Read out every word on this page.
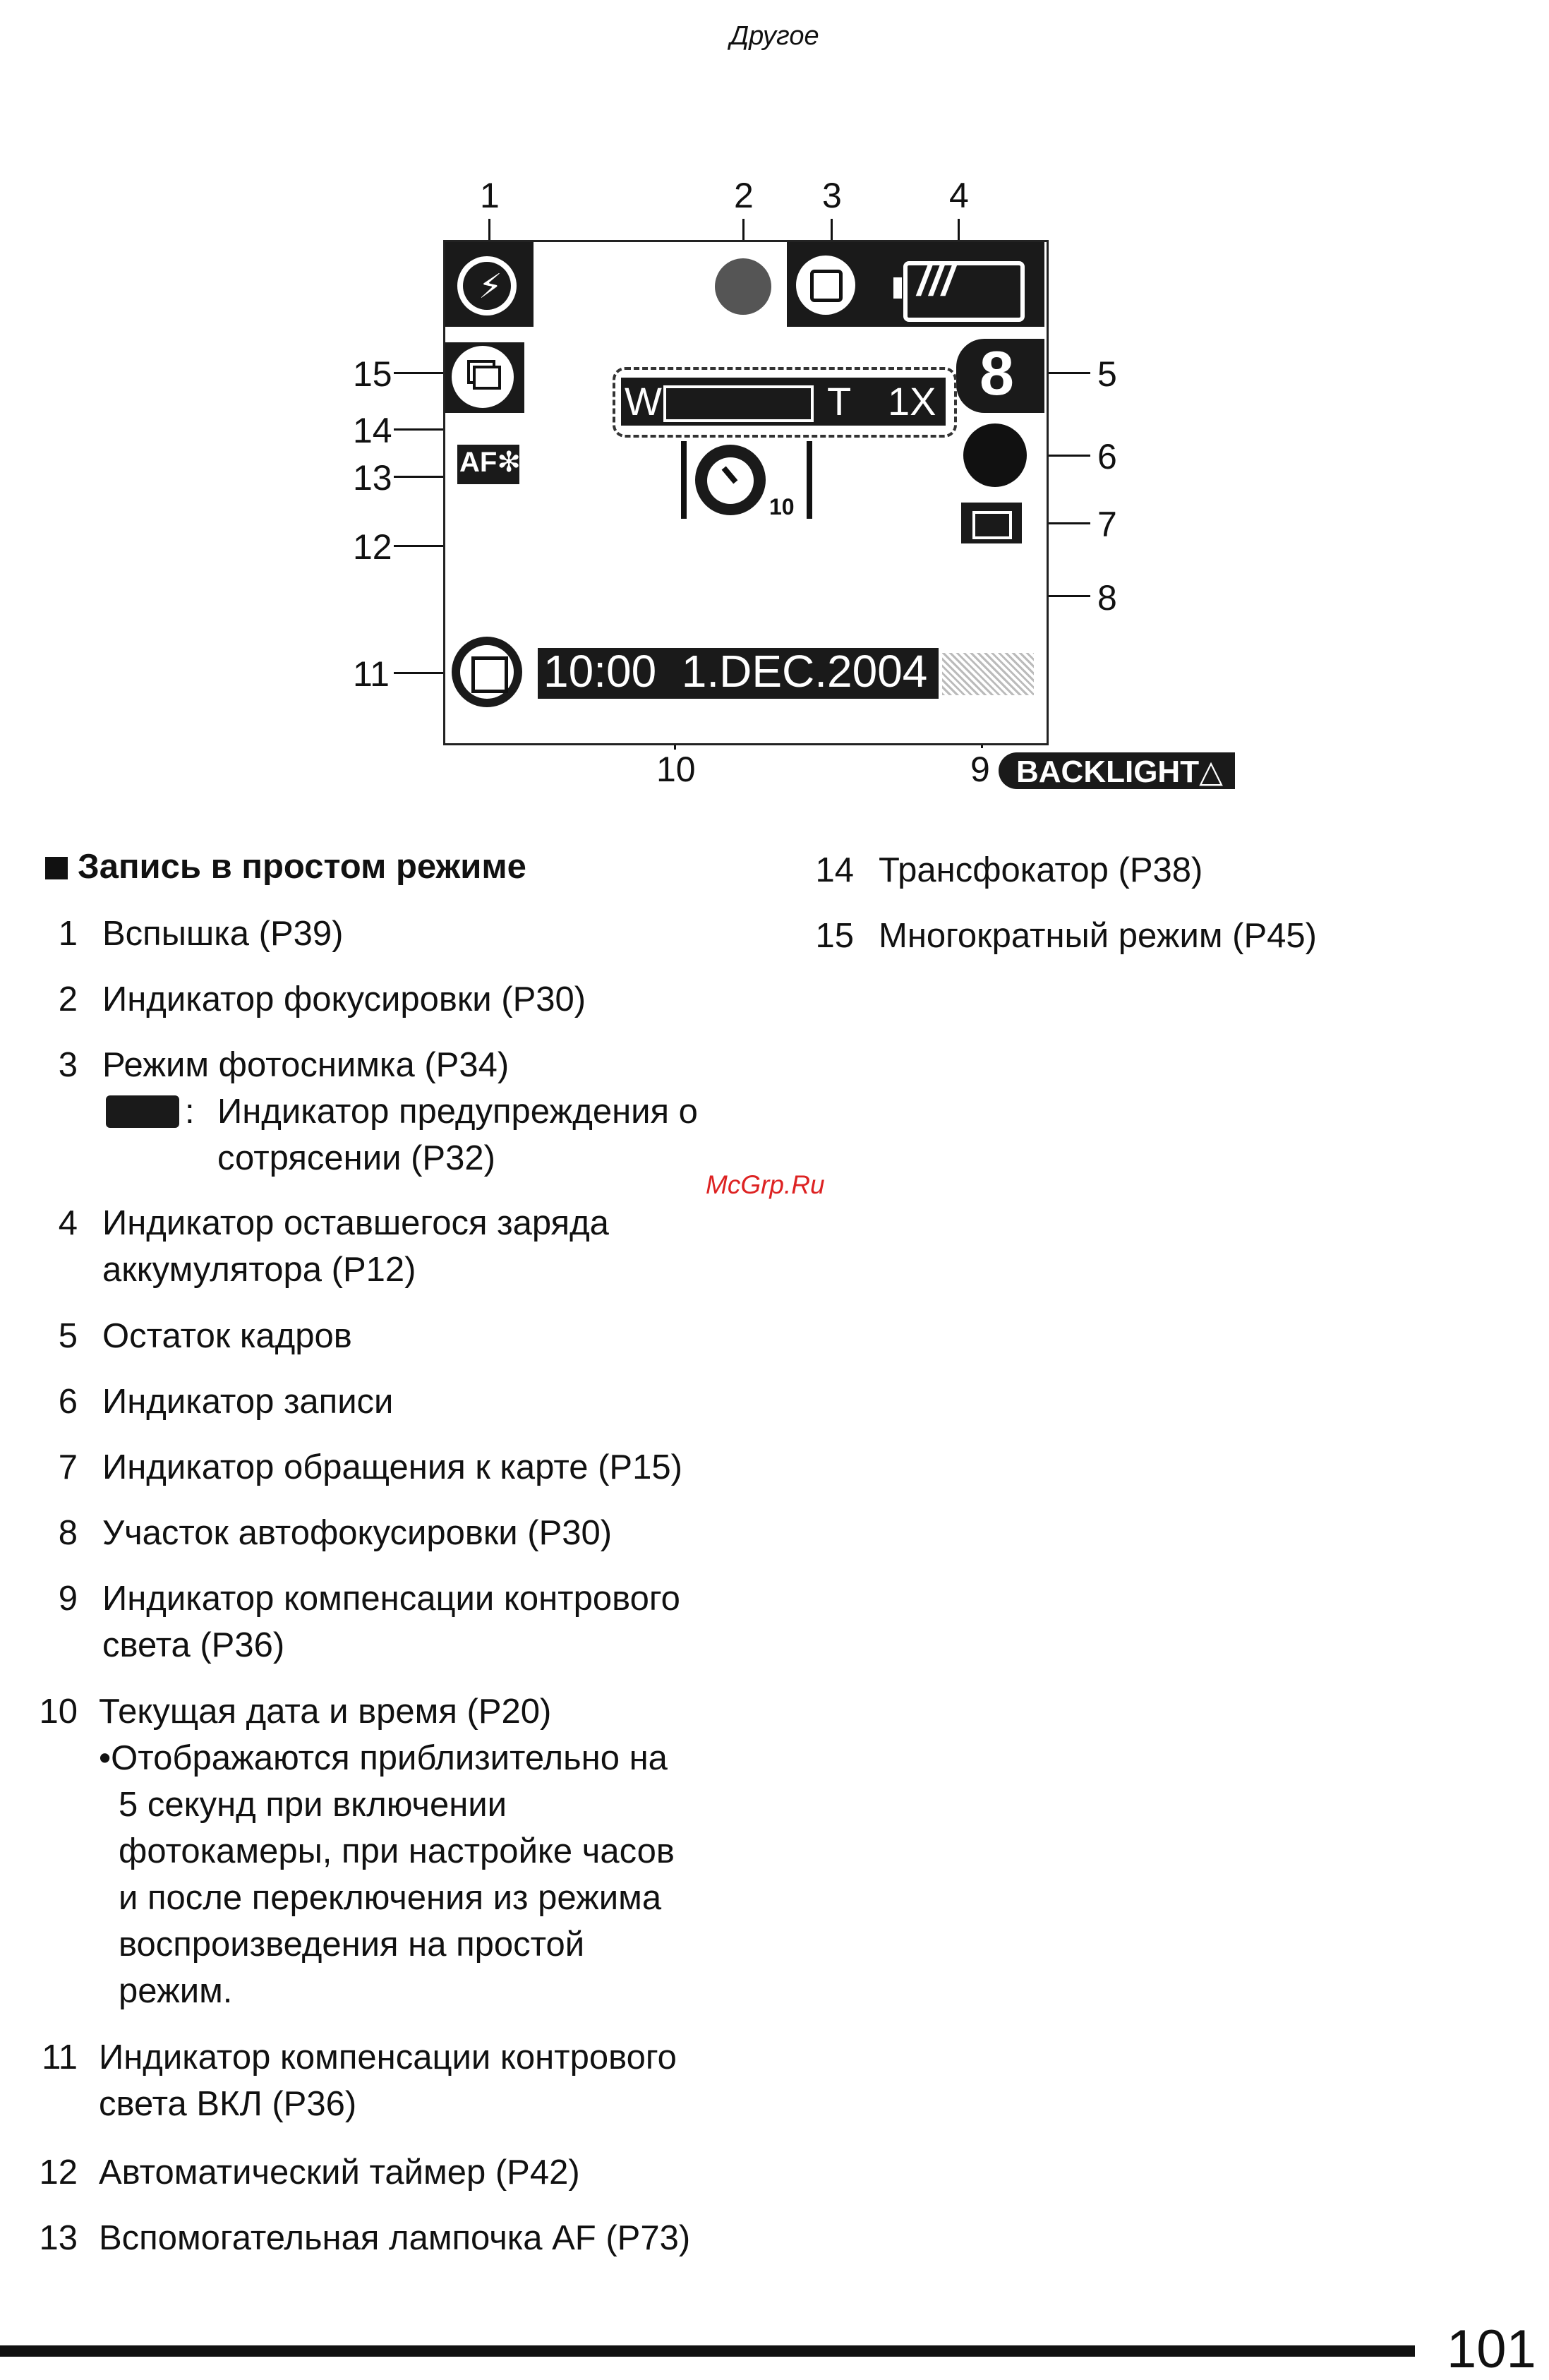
Другое
1	2 3	4
5
6
7
8
15
14
13
12
11
10	9
⚡	///
8
W	T 1X
AF✻
10
10:00  1.DEC.2004
BACKLIGHT△
Запись в простом режиме
1 Вспышка (P39)
2 Индикатор фокусировки (P30)
3 Режим фотоснимка (P34)
: Индикатор предупреждения о
сотрясении (P32)
4 Индикатор оставшегося заряда
аккумулятора (P12)
5 Остаток кадров
6 Индикатор записи
7 Индикатор обращения к карте (P15)
8 Участок автофокусировки (P30)
9 Индикатор компенсации контрового
света (P36)
10 Текущая дата и время (P20)
•Отображаются приблизительно на
5 секунд при включении
фотокамеры, при настройке часов
и после переключения из режима
воспроизведения на простой
режим.
11 Индикатор компенсации контрового
света ВКЛ (P36)
12 Автоматический таймер (P42)
13 Вспомогательная лампочка AF (P73)
14 Трансфокатор (P38)
15 Многократный режим (P45)
McGrp.Ru
101
